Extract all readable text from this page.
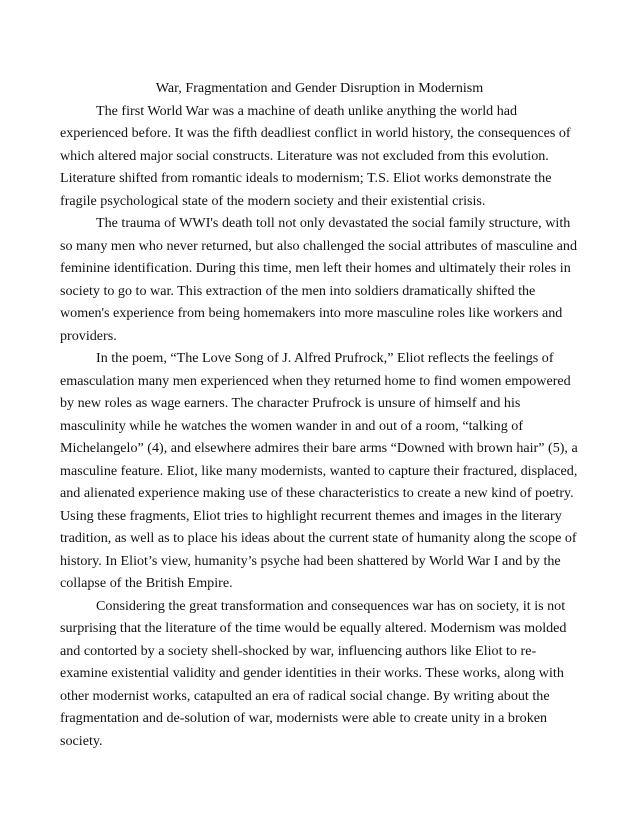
War, Fragmentation and Gender Disruption in Modernism

The first World War was a machine of death unlike anything the world had experienced before. It was the fifth deadliest conflict in world history, the consequences of which altered major social constructs. Literature was not excluded from this evolution. Literature shifted from romantic ideals to modernism; T.S. Eliot works demonstrate the fragile psychological state of the modern society and their existential crisis.

The trauma of WWI's death toll not only devastated the social family structure, with so many men who never returned, but also challenged the social attributes of masculine and feminine identification. During this time, men left their homes and ultimately their roles in society to go to war. This extraction of the men into soldiers dramatically shifted the women's experience from being homemakers into more masculine roles like workers and providers.

In the poem, “The Love Song of J. Alfred Prufrock,” Eliot reflects the feelings of emasculation many men experienced when they returned home to find women empowered by new roles as wage earners. The character Prufrock is unsure of himself and his masculinity while he watches the women wander in and out of a room, “talking of Michelangelo” (4), and elsewhere admires their bare arms “Downed with brown hair” (5), a masculine feature. Eliot, like many modernists, wanted to capture their fractured, displaced, and alienated experience making use of these characteristics to create a new kind of poetry. Using these fragments, Eliot tries to highlight recurrent themes and images in the literary tradition, as well as to place his ideas about the current state of humanity along the scope of history. In Eliot’s view, humanity’s psyche had been shattered by World War I and by the collapse of the British Empire.

Considering the great transformation and consequences war has on society, it is not surprising that the literature of the time would be equally altered. Modernism was molded and contorted by a society shell-shocked by war, influencing authors like Eliot to re-examine existential validity and gender identities in their works. These works, along with other modernist works, catapulted an era of radical social change. By writing about the fragmentation and de-solution of war, modernists were able to create unity in a broken society.
